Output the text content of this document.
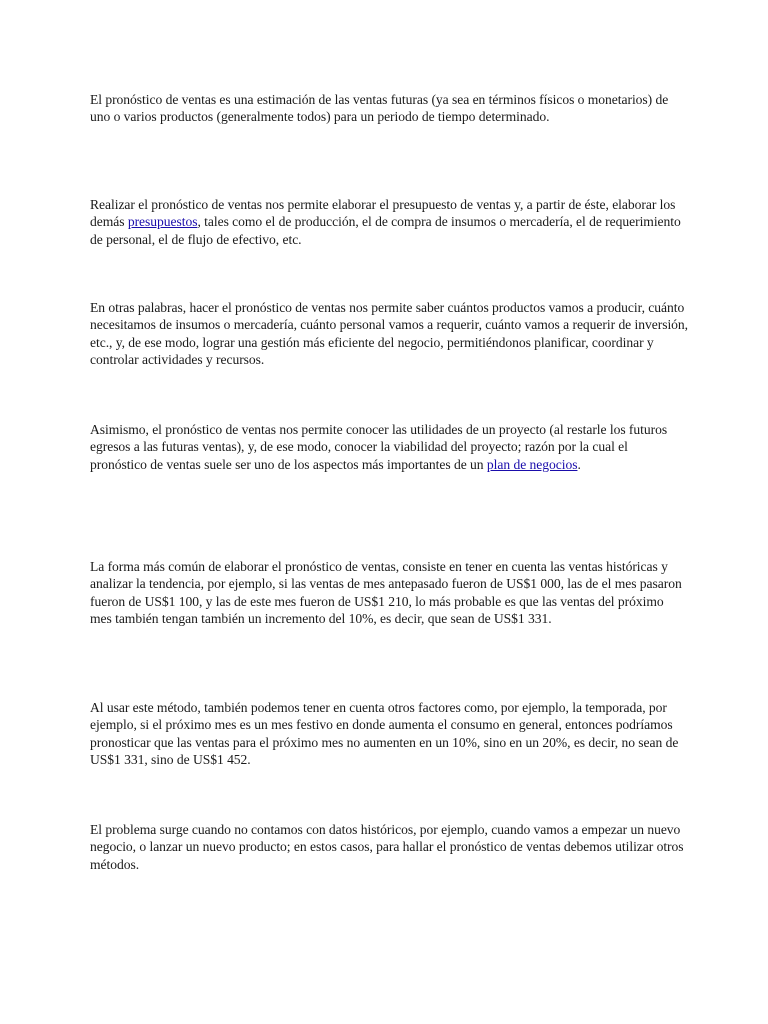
El pronóstico de ventas es una estimación de las ventas futuras (ya sea en términos físicos o monetarios) de uno o varios productos (generalmente todos) para un periodo de tiempo determinado.

Realizar el pronóstico de ventas nos permite elaborar el presupuesto de ventas y, a partir de éste, elaborar los demás presupuestos, tales como el de producción, el de compra de insumos o mercadería, el de requerimiento de personal, el de flujo de efectivo, etc.

En otras palabras, hacer el pronóstico de ventas nos permite saber cuántos productos vamos a producir, cuánto necesitamos de insumos o mercadería, cuánto personal vamos a requerir, cuánto vamos a requerir de inversión, etc., y, de ese modo, lograr una gestión más eficiente del negocio, permitiéndonos planificar, coordinar y controlar actividades y recursos.

Asimismo, el pronóstico de ventas nos permite conocer las utilidades de un proyecto (al restarle los futuros egresos a las futuras ventas), y, de ese modo, conocer la viabilidad del proyecto; razón por la cual el pronóstico de ventas suele ser uno de los aspectos más importantes de un plan de negocios.

La forma más común de elaborar el pronóstico de ventas, consiste en tener en cuenta las ventas históricas y analizar la tendencia, por ejemplo, si las ventas de mes antepasado fueron de US$1 000, las de el mes pasaron fueron de US$1 100, y las de este mes fueron de US$1 210, lo más probable es que las ventas del próximo mes también tengan también un incremento del 10%, es decir, que sean de US$1 331.

Al usar este método, también podemos tener en cuenta otros factores como, por ejemplo, la temporada, por ejemplo, si el próximo mes es un mes festivo en donde aumenta el consumo en general, entonces podríamos pronosticar que las ventas para el próximo mes no aumenten en un 10%, sino en un 20%, es decir, no sean de US$1 331, sino de US$1 452.

El problema surge cuando no contamos con datos históricos, por ejemplo, cuando vamos a empezar un nuevo negocio, o lanzar un nuevo producto; en estos casos, para hallar el pronóstico de ventas debemos utilizar otros métodos.
